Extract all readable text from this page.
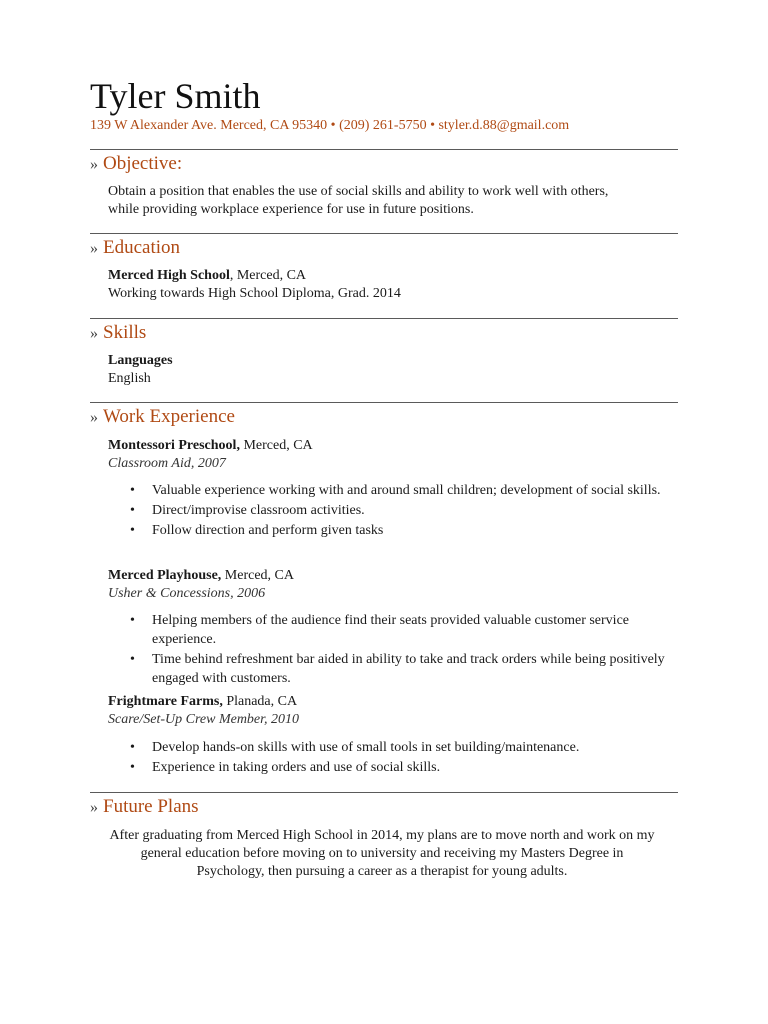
Tyler Smith
139 W Alexander Ave. Merced, CA 95340 • (209) 261-5750 • styler.d.88@gmail.com
» Objective:
Obtain a position that enables the use of social skills and ability to work well with others,
while providing workplace experience for use in future positions.
» Education
Merced High School, Merced, CA
Working towards High School Diploma, Grad. 2014
» Skills
Languages
English
» Work Experience
Montessori Preschool, Merced, CA
Classroom Aid, 2007
• Valuable experience working with and around small children; development of social skills.
• Direct/improvise classroom activities.
• Follow direction and perform given tasks
Merced Playhouse, Merced, CA
Usher & Concessions, 2006
• Helping members of the audience find their seats provided valuable customer service experience.
• Time behind refreshment bar aided in ability to take and track orders while being positively engaged with customers.
Frightmare Farms, Planada, CA
Scare/Set-Up Crew Member, 2010
• Develop hands-on skills with use of small tools in set building/maintenance.
• Experience in taking orders and use of social skills.
» Future Plans
After graduating from Merced High School in 2014, my plans are to move north and work on my
general education before moving on to university and receiving my Masters Degree in
Psychology, then pursuing a career as a therapist for young adults.
